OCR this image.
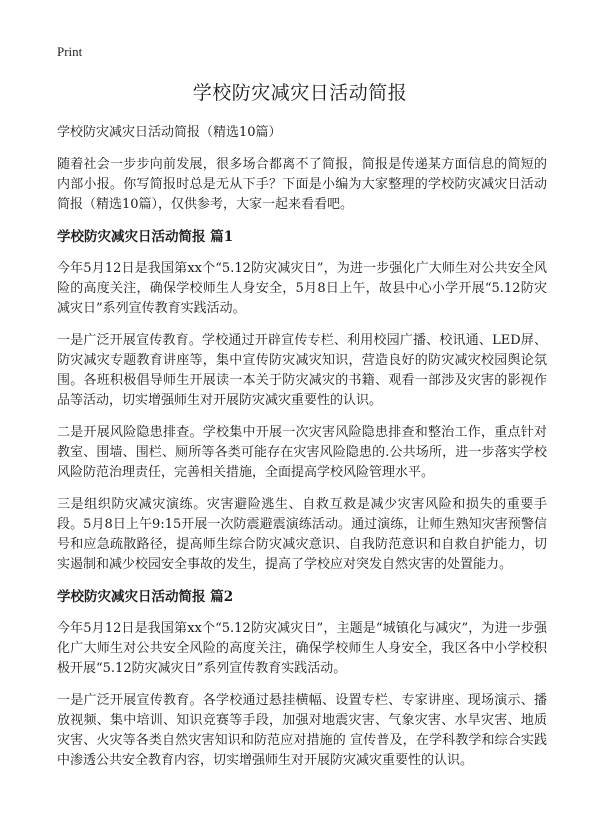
Print
学校防灾减灾日活动简报
学校防灾减灾日活动简报（精选10篇）

随着社会一步步向前发展，很多场合都离不了简报，简报是传递某方面信息的简短的内部小报。你写简报时总是无从下手？下面是小编为大家整理的学校防灾减灾日活动简报（精选10篇），仅供参考，大家一起来看看吧。

学校防灾减灾日活动简报 篇1

今年5月12日是我国第xx个“5.12防灾减灾日”，为进一步强化广大师生对公共安全风险的高度关注，确保学校师生人身安全，5月8日上午，故县中心小学开展“5.12防灾减灾日”系列宣传教育实践活动。

一是广泛开展宣传教育。学校通过开辟宣传专栏、利用校园广播、校讯通、LED屏、防灾减灾专题教育讲座等，集中宣传防灾减灾知识，营造良好的防灾减灾校园舆论氛围。各班积极倡导师生开展读一本关于防灾减灾的书籍、观看一部涉及灾害的影视作品等活动，切实增强师生对开展防灾减灾重要性的认识。

二是开展风险隐患排查。学校集中开展一次灾害风险隐患排查和整治工作，重点针对教室、围墙、围栏、厕所等各类可能存在灾害风险隐患的.公共场所，进一步落实学校风险防范治理责任，完善相关措施，全面提高学校风险管理水平。

三是组织防灾减灾演练。灾害避险逃生、自救互救是减少灾害风险和损失的重要手段。5月8日上午9:15开展一次防震避震演练活动。通过演练，让师生熟知灾害预警信号和应急疏散路径，提高师生综合防灾减灾意识、自我防范意识和自救自护能力，切实遏制和减少校园安全事故的发生，提高了学校应对突发自然灾害的处置能力。

学校防灾减灾日活动简报 篇2

今年5月12日是我国第xx个“5.12防灾减灾日”，主题是“城镇化与减灾”，为进一步强化广大师生对公共安全风险的高度关注，确保学校师生人身安全，我区各中小学校积极开展“5.12防灾减灾日”系列宣传教育实践活动。

一是广泛开展宣传教育。各学校通过悬挂横幅、设置专栏、专家讲座、现场演示、播放视频、集中培训、知识竞赛等手段，加强对地震灾害、气象灾害、水旱灾害、地质灾害、火灾等各类自然灾害知识和防范应对措施的 宣传普及，在学科教学和综合实践中渗透公共安全教育内容，切实增强师生对开展防灾减灾重要性的认识。
